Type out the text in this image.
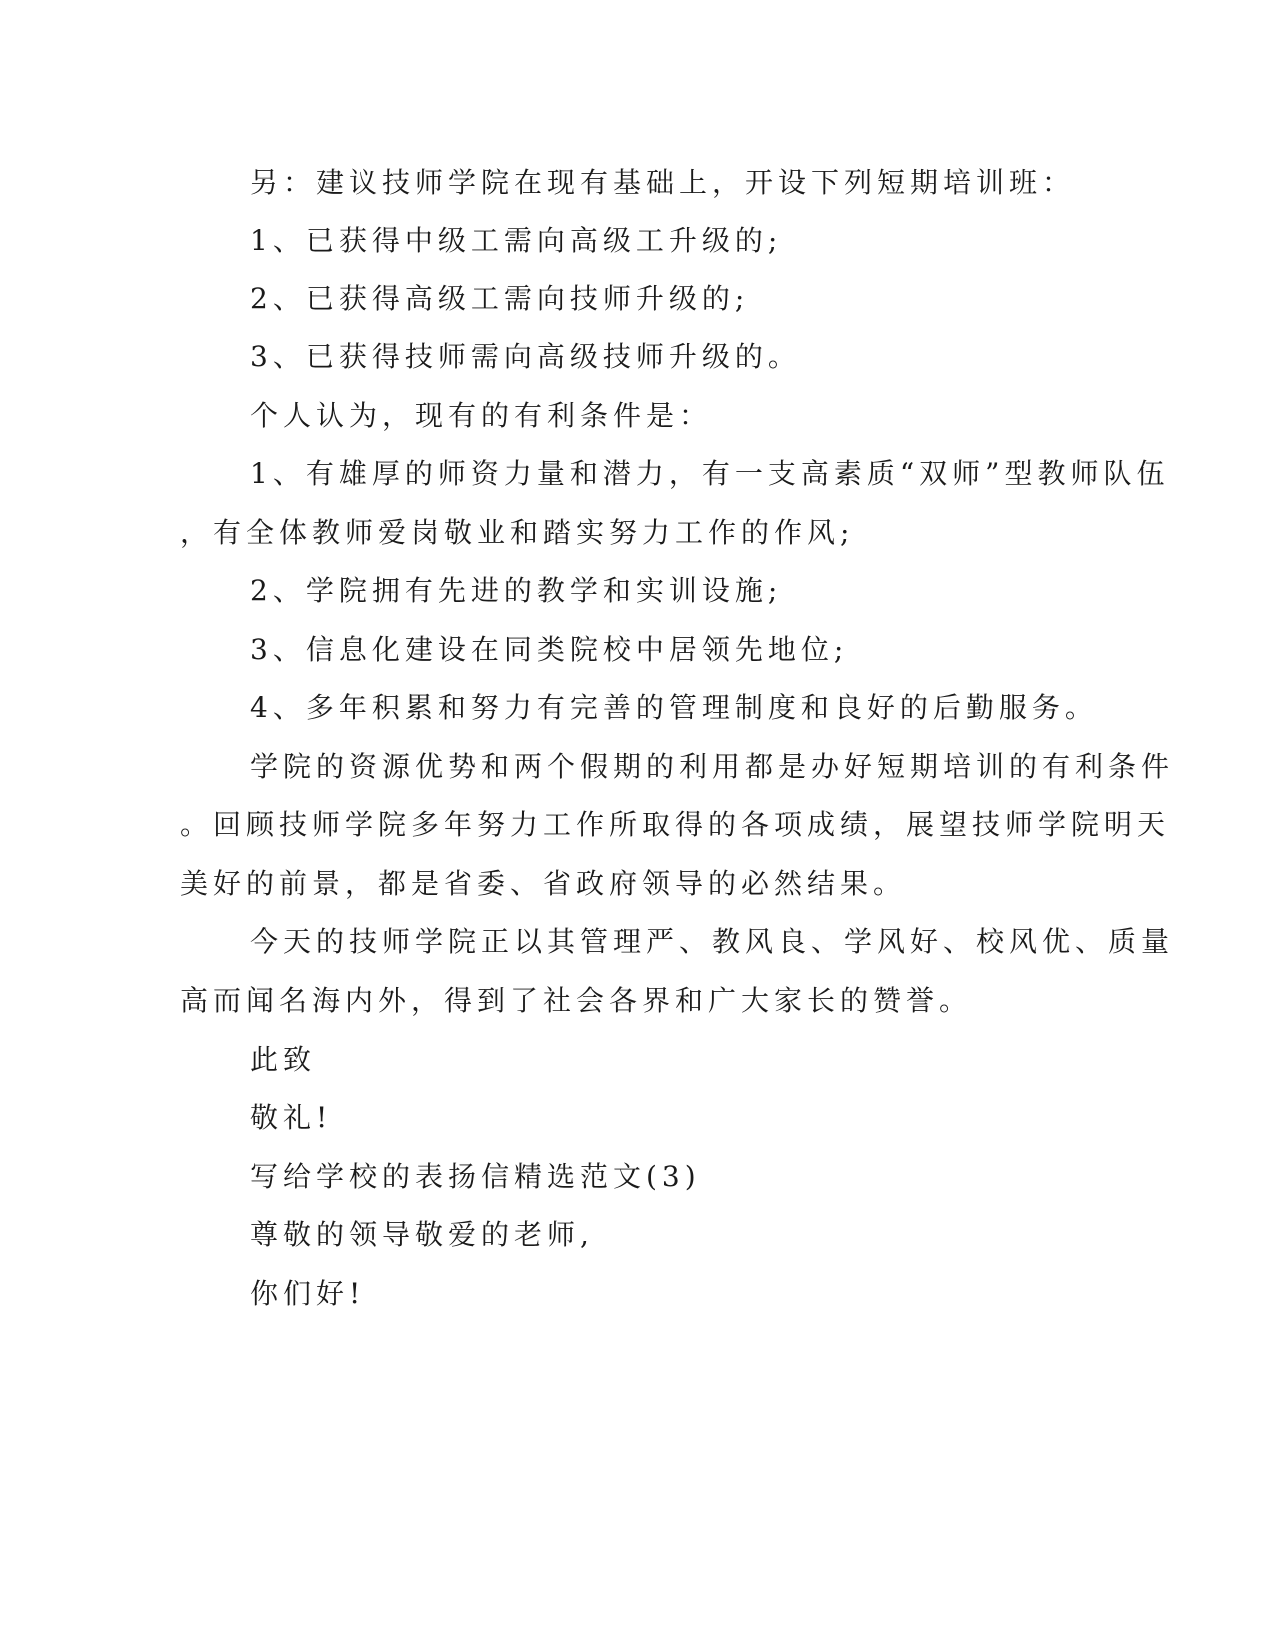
另：建议技师学院在现有基础上，开设下列短期培训班：
1、已获得中级工需向高级工升级的;
2、已获得高级工需向技师升级的;
3、已获得技师需向高级技师升级的。
个人认为，现有的有利条件是：
1、有雄厚的师资力量和潜力，有一支高素质“双师”型教师队伍
，有全体教师爱岗敬业和踏实努力工作的作风;
2、学院拥有先进的教学和实训设施;
3、信息化建设在同类院校中居领先地位;
4、多年积累和努力有完善的管理制度和良好的后勤服务。
学院的资源优势和两个假期的利用都是办好短期培训的有利条件
。回顾技师学院多年努力工作所取得的各项成绩，展望技师学院明天
美好的前景，都是省委、省政府领导的必然结果。
今天的技师学院正以其管理严、教风良、学风好、校风优、质量
高而闻名海内外，得到了社会各界和广大家长的赞誉。
此致
敬礼!
写给学校的表扬信精选范文(3)
尊敬的领导敬爱的老师,
你们好!
